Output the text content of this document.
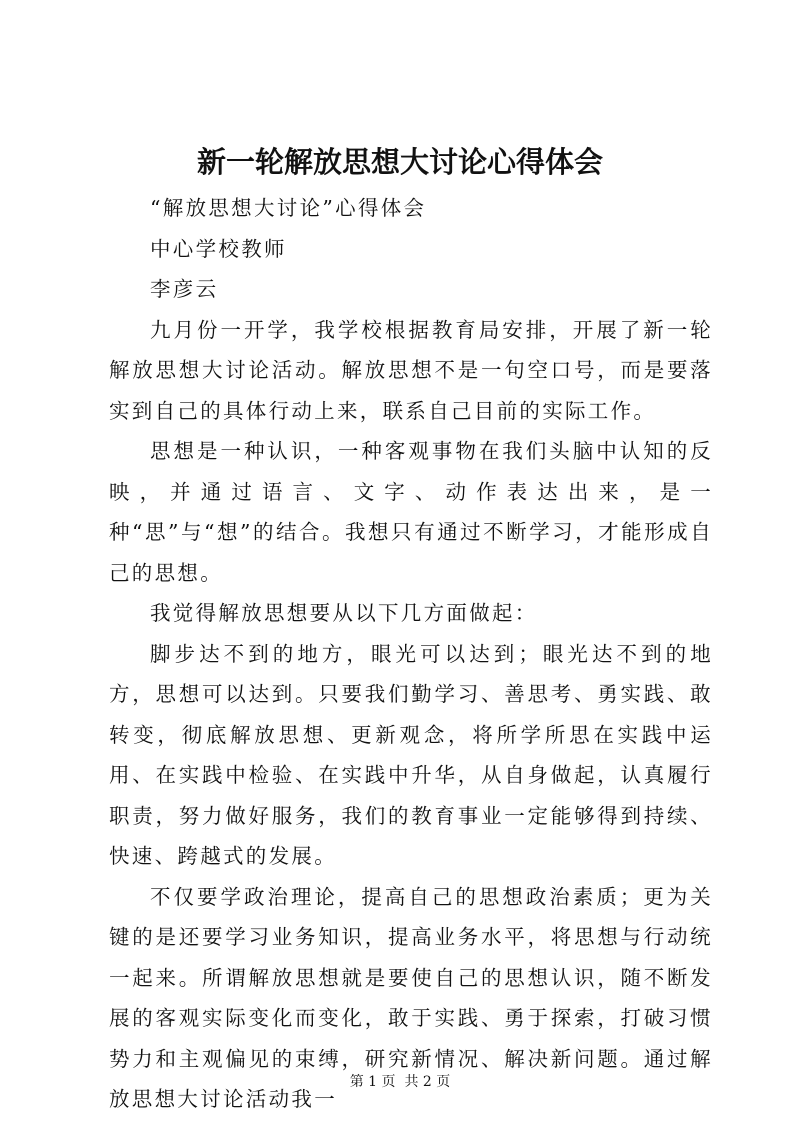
新一轮解放思想大讨论心得体会

“解放思想大讨论”心得体会

中心学校教师

李彦云

九月份一开学，我学校根据教育局安排，开展了新一轮解放思想大讨论活动。解放思想不是一句空口号，而是要落实到自己的具体行动上来，联系自己目前的实际工作。

思想是一种认识，一种客观事物在我们头脑中认知的反映，并通过语言、文字、动作表达出来，是一种“思”与“想”的结合。我想只有通过不断学习，才能形成自己的思想。

我觉得解放思想要从以下几方面做起：

脚步达不到的地方，眼光可以达到；眼光达不到的地方，思想可以达到。只要我们勤学习、善思考、勇实践、敢转变，彻底解放思想、更新观念，将所学所思在实践中运用、在实践中检验、在实践中升华，从自身做起，认真履行职责，努力做好服务，我们的教育事业一定能够得到持续、快速、跨越式的发展。

不仅要学政治理论，提高自己的思想政治素质；更为关键的是还要学习业务知识，提高业务水平，将思想与行动统一起来。所谓解放思想就是要使自己的思想认识，随不断发展的客观实际变化而变化，敢于实践、勇于探索，打破习惯势力和主观偏见的束缚，研究新情况、解决新问题。通过解放思想大讨论活动我一

第 1 页  共 2 页
